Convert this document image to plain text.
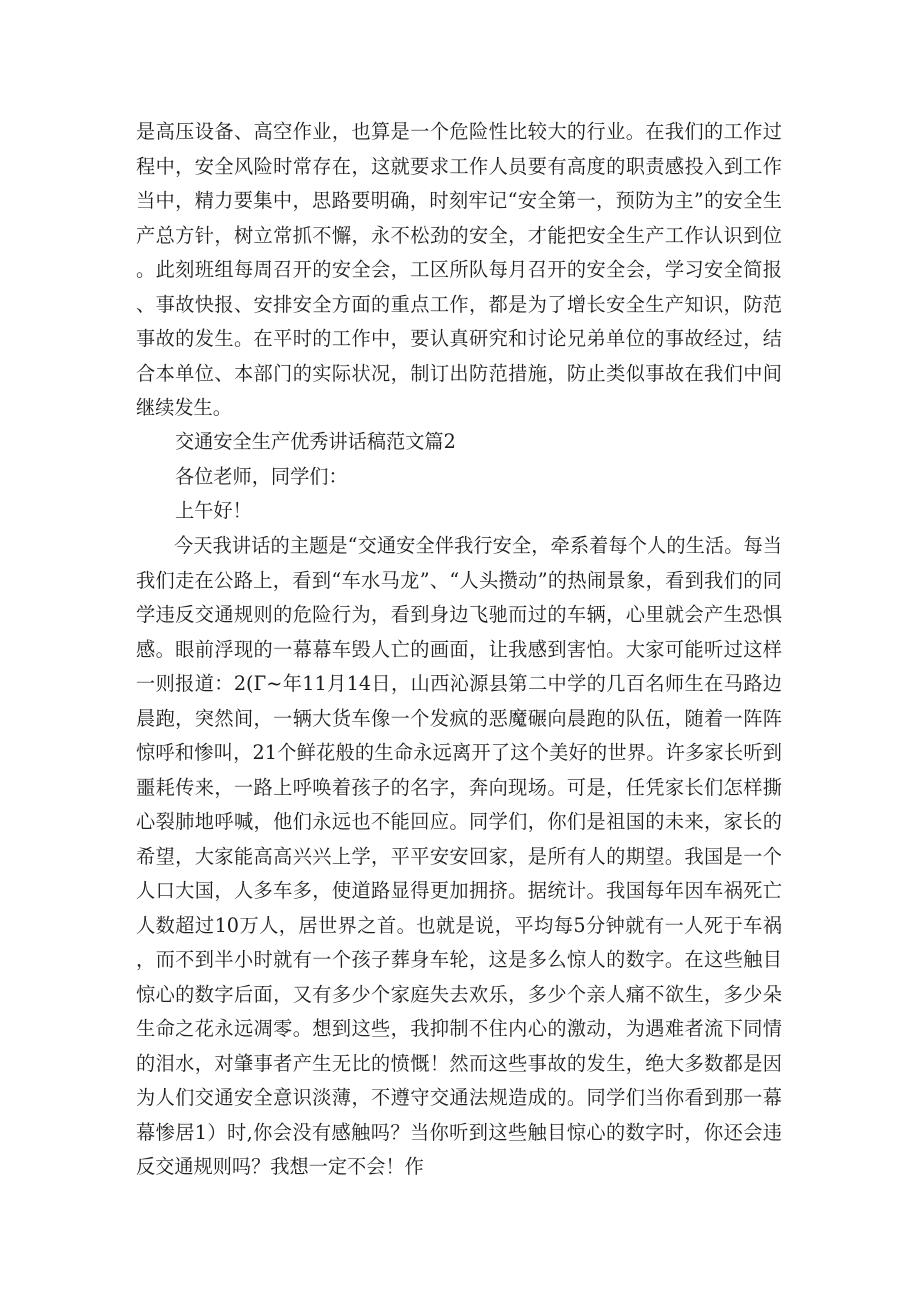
是高压设备、高空作业，也算是一个危险性比较大的行业。在我们的工作过程中，安全风险时常存在，这就要求工作人员要有高度的职责感投入到工作当中，精力要集中，思路要明确，时刻牢记“安全第一，预防为主”的安全生产总方针，树立常抓不懈，永不松劲的安全，才能把安全生产工作认识到位。此刻班组每周召开的安全会，工区所队每月召开的安全会，学习安全简报、事故快报、安排安全方面的重点工作，都是为了增长安全生产知识，防范事故的发生。在平时的工作中，要认真研究和讨论兄弟单位的事故经过，结合本单位、本部门的实际状况，制订出防范措施，防止类似事故在我们中间继续发生。
交通安全生产优秀讲话稿范文篇2
各位老师，同学们：
上午好！
今天我讲话的主题是“交通安全伴我行安全，牵系着每个人的生活。每当我们走在公路上，看到“车水马龙”、“人头攒动”的热闹景象，看到我们的同学违反交通规则的危险行为，看到身边飞驰而过的车辆，心里就会产生恐惧感。眼前浮现的一幕幕车毁人亡的画面，让我感到害怕。大家可能听过这样一则报道：2(Г~年11月14日，山西沁源县第二中学的几百名师生在马路边晨跑，突然间，一辆大货车像一个发疯的恶魔碾向晨跑的队伍，随着一阵阵惊呼和惨叫，21个鲜花般的生命永远离开了这个美好的世界。许多家长听到噩耗传来，一路上呼唤着孩子的名字，奔向现场。可是，任凭家长们怎样撕心裂肺地呼喊，他们永远也不能回应。同学们，你们是祖国的未来，家长的希望，大家能高高兴兴上学，平平安安回家，是所有人的期望。我国是一个人口大国，人多车多，使道路显得更加拥挤。据统计。我国每年因车祸死亡人数超过10万人，居世界之首。也就是说，平均每5分钟就有一人死于车祸，而不到半小时就有一个孩子葬身车轮，这是多么惊人的数字。在这些触目惊心的数字后面，又有多少个家庭失去欢乐，多少个亲人痛不欲生，多少朵生命之花永远凋零。想到这些，我抑制不住内心的激动，为遇难者流下同情的泪水，对肇事者产生无比的愤慨！然而这些事故的发生，绝大多数都是因为人们交通安全意识淡薄，不遵守交通法规造成的。同学们当你看到那一幕幕惨居1）时,你会没有感触吗？当你听到这些触目惊心的数字时，你还会违反交通规则吗？我想一定不会！作
